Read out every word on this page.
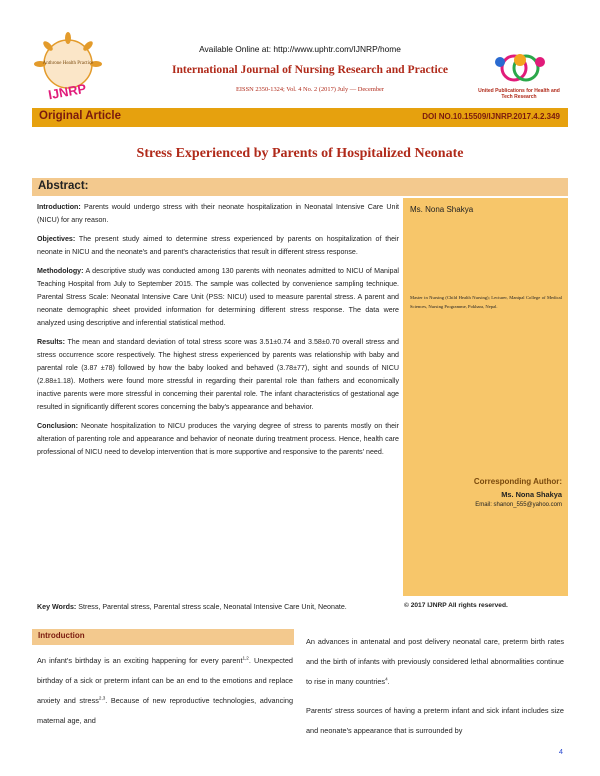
Anthrone Health Practice
IJNRP
Available Online at: http://www.uphtr.com/IJNRP/home
International Journal of Nursing Research and Practice
EISSN 2350-1324; Vol. 4 No. 2 (2017) July — December	United Publications for Health and Tech Research
Original Article	DOI NO.10.15509/IJNRP.2017.4.2.349
Stress Experienced by Parents of Hospitalized Neonate
Abstract:

Introduction: Parents would undergo stress with their neonate hospitalization in Neonatal Intensive Care Unit (NICU) for any reason.

Objectives: The present study aimed to determine stress experienced by parents on hospitalization of their neonate in NICU and the neonate's and parent's characteristics that result in different stress response.

Methodology: A descriptive study was conducted among 130 parents with neonates admitted to NICU of Manipal Teaching Hospital from July to September 2015. The sample was collected by convenience sampling technique. Parental Stress Scale: Neonatal Intensive Care Unit (PSS: NICU) used to measure parental stress. A parent and neonate demographic sheet provided information for determining different stress response. The data were analyzed using descriptive and inferential statistical method.

Results: The mean and standard deviation of total stress score was 3.51±0.74 and 3.58±0.70 overall stress and stress occurrence score respectively. The highest stress experienced by parents was relationship with baby and parental role (3.87 ±78) followed by how the baby looked and behaved (3.78±77), sight and sounds of NICU (2.88±1.18). Mothers were found more stressful in regarding their parental role than fathers and economically inactive parents were more stressful in concerning their parental role. The infant characteristics of gestational age resulted in significantly different scores concerning the baby's appearance and behavior.

Conclusion: Neonate hospitalization to NICU produces the varying degree of stress to parents mostly on their alteration of parenting role and appearance and behavior of neonate during treatment process. Hence, health care professional of NICU need to develop intervention that is more supportive and responsive to the parents' need.

Key Words: Stress, Parental stress, Parental stress scale, Neonatal Intensive Care Unit, Neonate.
Ms. Nona Shakya
Master in Nursing (Child Health Nursing); Lecturer, Manipal College of Medical Sciences, Nursing Programme, Pokhara, Nepal.
Corresponding Author:
Ms. Nona Shakya
Email: shanon_555@yahoo.com
© 2017 IJNRP All rights reserved.
Introduction
An infant's birthday is an exciting happening for every parent$^{1,2}$. Unexpected birthday of a sick or preterm infant can be an end to the emotions and replace anxiety and stress$^{2,3}$. Because of new reproductive technologies, advancing maternal age, and

An advances in antenatal and post delivery neonatal care, preterm birth rates and the birth of infants with previously considered lethal abnormalities continue to rise in many countries$^4$.

Parents' stress sources of having a preterm infant and sick infant includes size and neonate's appearance that is surrounded by

4
